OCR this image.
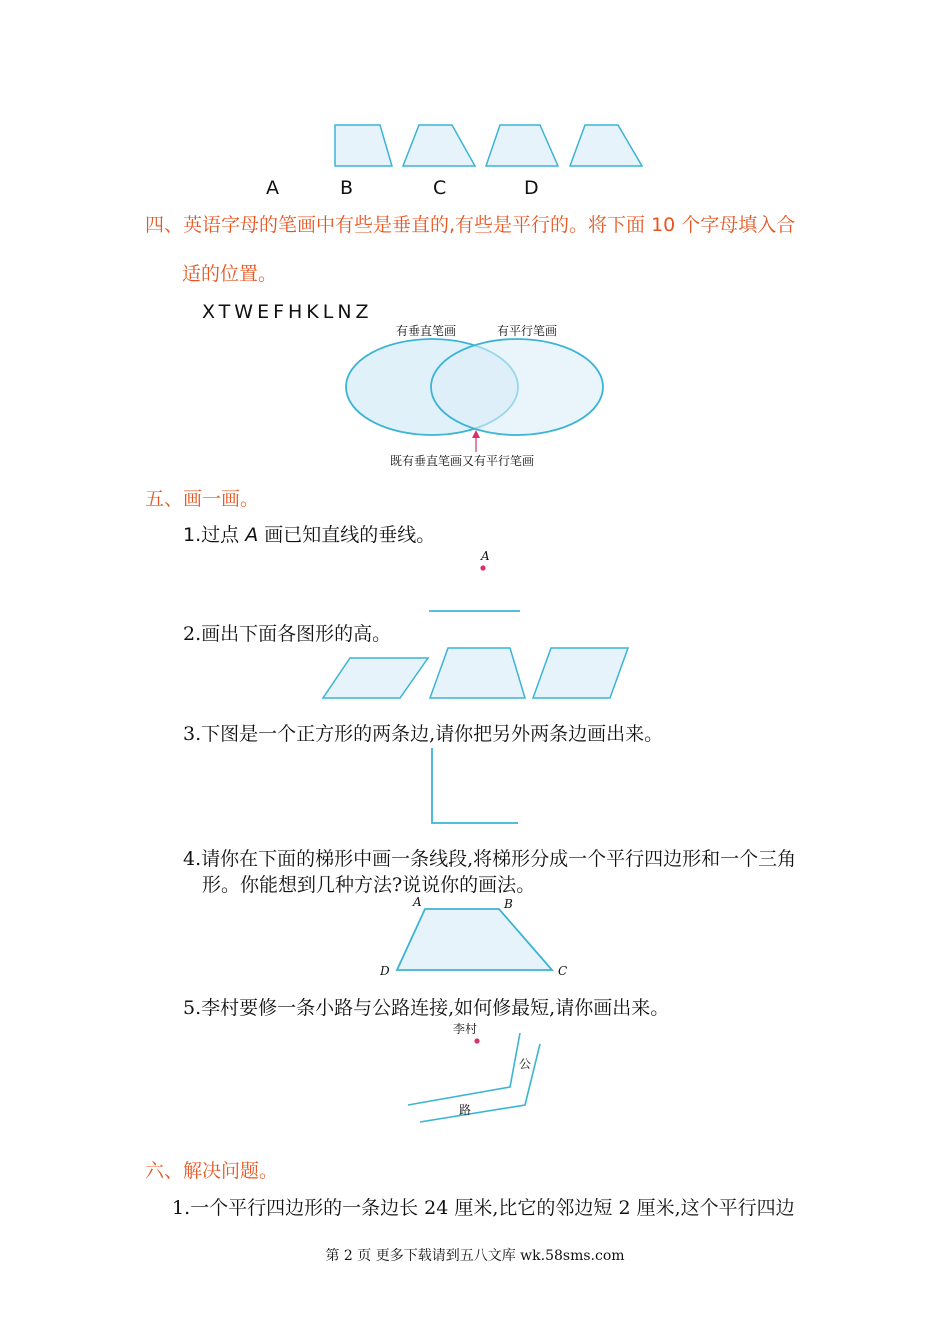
A	B	C	D
四、英语字母的笔画中有些是垂直的,有些是平行的。将下面 10 个字母填入合
适的位置。
XTWEFHKLNZ
有垂直笔画	有平行笔画
既有垂直笔画又有平行笔画
五、画一画。
1.过点 A 画已知直线的垂线。
A
2.画出下面各图形的高。
3.下图是一个正方形的两条边,请你把另外两条边画出来。
4.请你在下面的梯形中画一条线段,将梯形分成一个平行四边形和一个三角
形。你能想到几种方法?说说你的画法。
A	B
C
D
5.李村要修一条小路与公路连接,如何修最短,请你画出来。
李村
公
路
六、解决问题。
1.一个平行四边形的一条边长 24 厘米,比它的邻边短 2 厘米,这个平行四边
第 2 页 更多下载请到五八文库 wk.58sms.com
